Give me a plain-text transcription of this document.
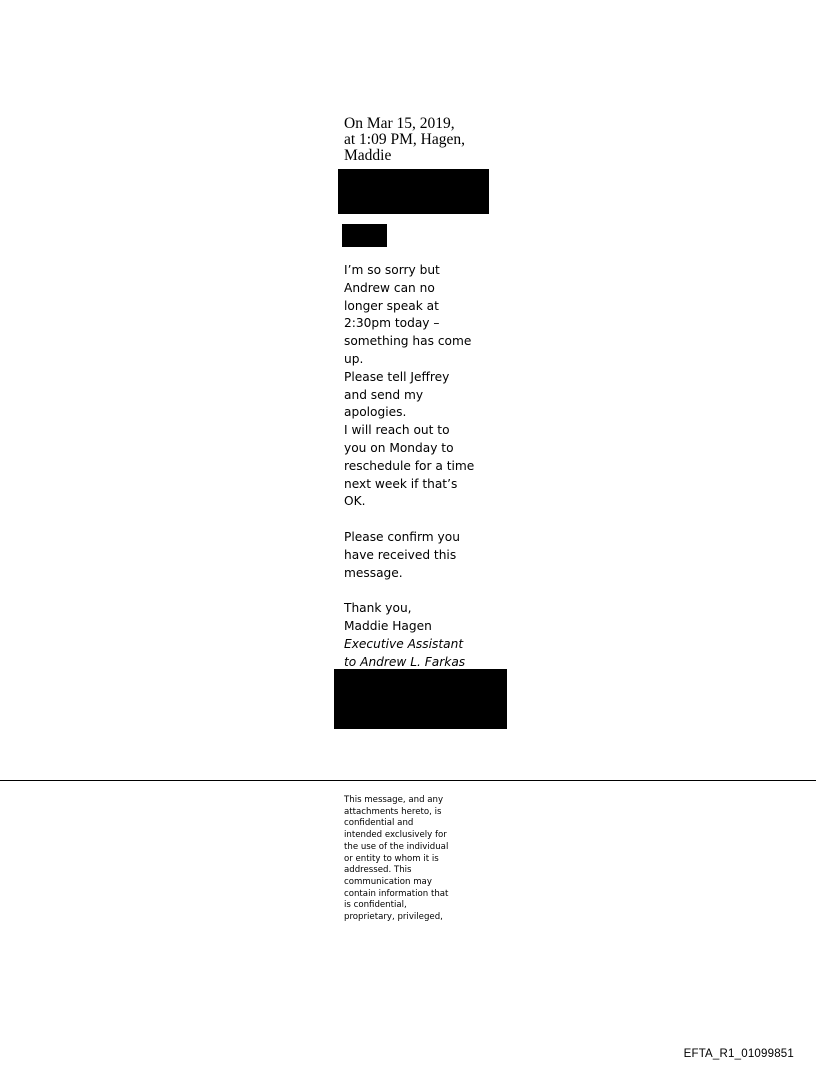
On Mar 15, 2019,
at 1:09 PM, Hagen,
Maddie
I’m so sorry but
Andrew can no
longer speak at
2:30pm today –
something has come
up.
Please tell Jeffrey
and send my
apologies.
I will reach out to
you on Monday to
reschedule for a time
next week if that’s
OK.
Please confirm you
have received this
message.
Thank you,
Maddie Hagen
Executive Assistant
to Andrew L. Farkas
This message, and any
attachments hereto, is
confidential and
intended exclusively for
the use of the individual
or entity to whom it is
addressed. This
communication may
contain information that
is confidential,
proprietary, privileged,
EFTA_R1_01099851
